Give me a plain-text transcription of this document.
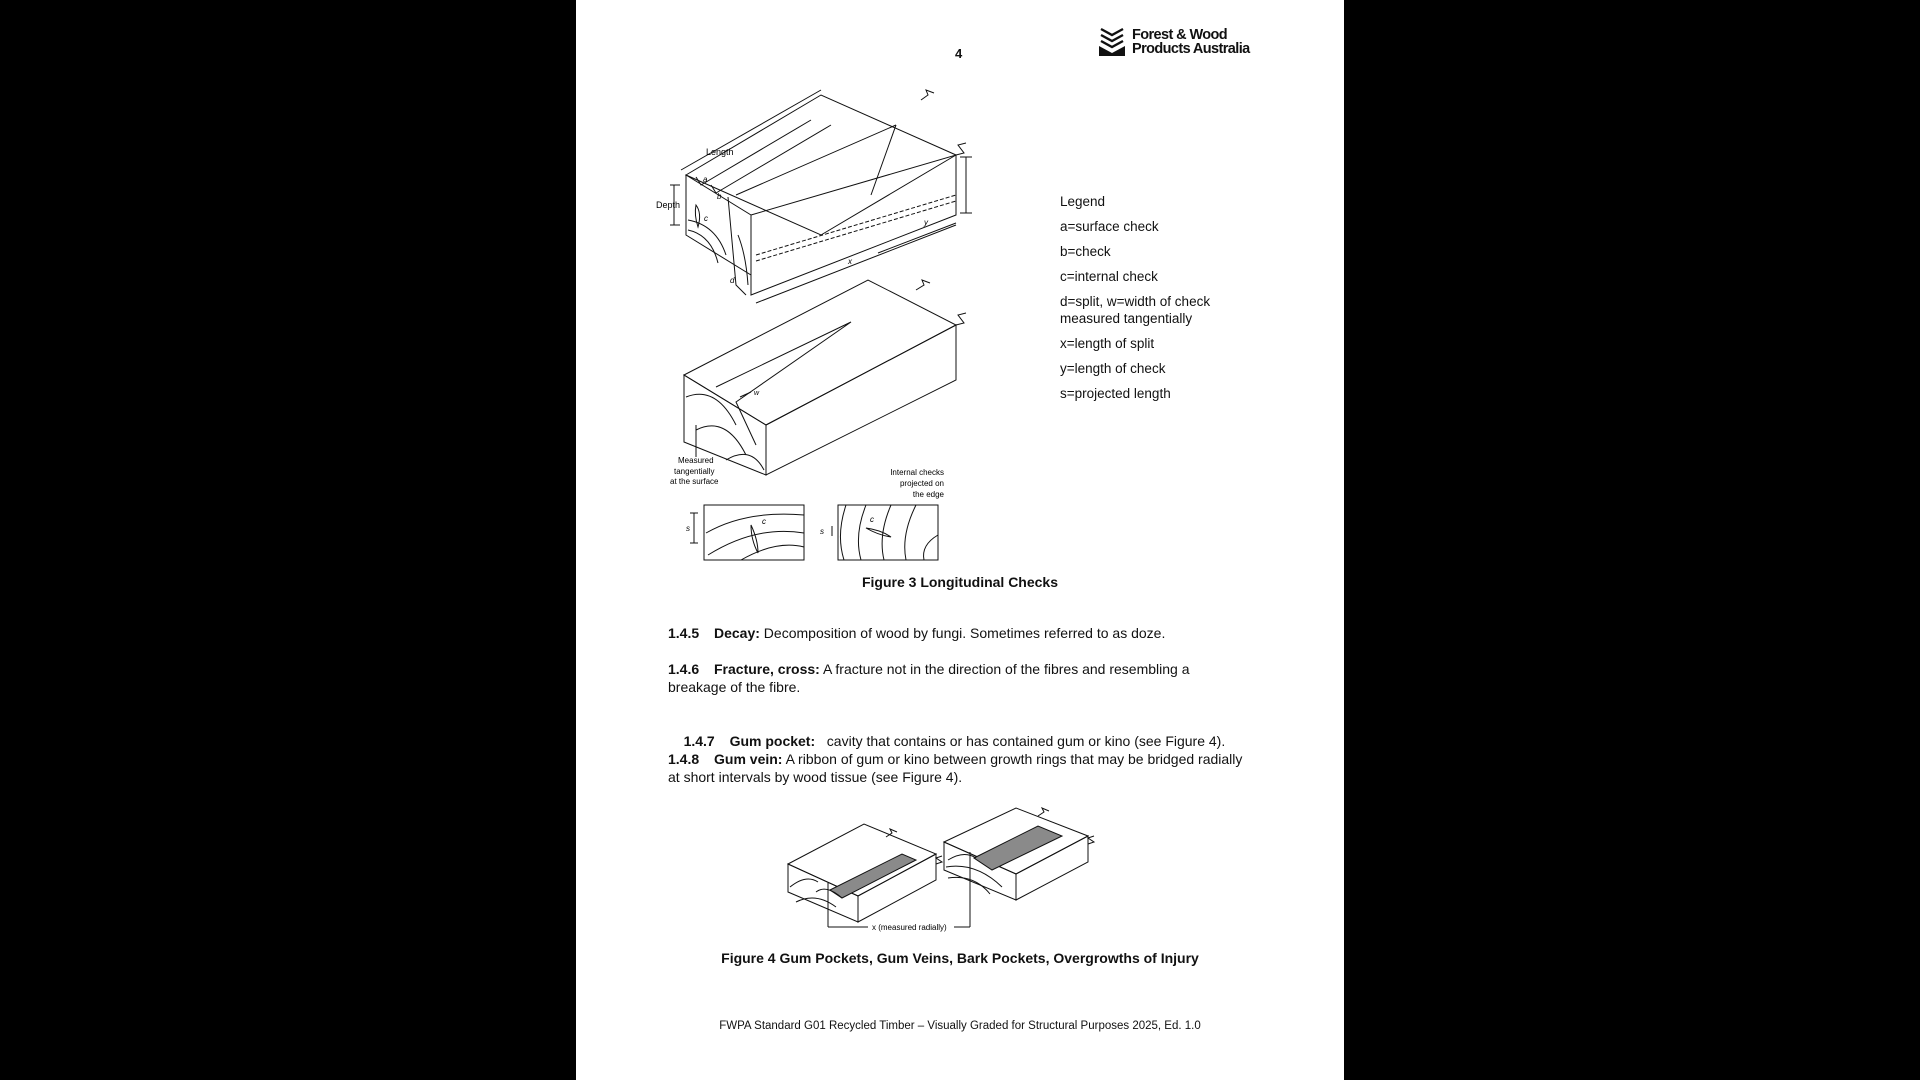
4
Forest & Wood
Products Australia
Length
Depth
a
b
c
d
x
y
w
Measured
tangentially
at the surface
Internal checks
projected on
the edge
s	s
c	c
Legend
a=surface check
b=check
c=internal check
d=split, w=width of check measured tangentially
x=length of split
y=length of check
s=projected length
Figure 3 Longitudinal Checks
1.4.5 Decay: Decomposition of wood by fungi. Sometimes referred to as doze.
1.4.6 Fracture, cross: A fracture not in the direction of the fibres and resembling a breakage of the fibre.

1.4.7 Gum pocket:   cavity that contains or has contained gum or kino (see Figure 4).

1.4.8 Gum vein: A ribbon of gum or kino between growth rings that may be bridged radially at short intervals by wood tissue (see Figure 4).
x (measured radially)
Figure 4 Gum Pockets, Gum Veins, Bark Pockets, Overgrowths of Injury
FWPA Standard G01 Recycled Timber – Visually Graded for Structural Purposes 2025, Ed. 1.0
